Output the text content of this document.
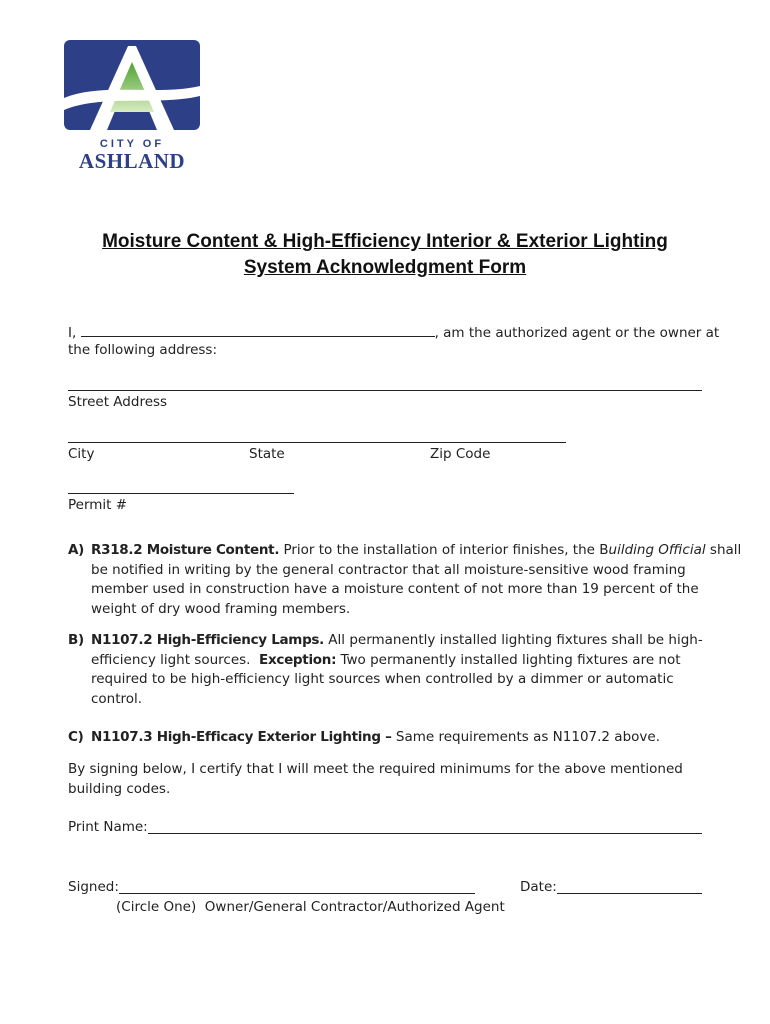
CITY OF
ASHLAND
Moisture Content & High-Efficiency Interior & Exterior Lighting
System Acknowledgment Form
I,	, am the authorized agent or the owner at
the following address:
Street Address
City	State	Zip Code
Permit #
A) R318.2 Moisture Content. Prior to the installation of interior finishes, the Building Official shall
be notified in writing by the general contractor that all moisture-sensitive wood framing
member used in construction have a moisture content of not more than 19 percent of the
weight of dry wood framing members.
B) N1107.2 High-Efficiency Lamps. All permanently installed lighting fixtures shall be high-
efficiency light sources.  Exception: Two permanently installed lighting fixtures are not
required to be high-efficiency light sources when controlled by a dimmer or automatic
control.
C) N1107.3 High-Efficacy Exterior Lighting – Same requirements as N1107.2 above.
By signing below, I certify that I will meet the required minimums for the above mentioned
building codes.
Print Name:
Signed:	Date:
(Circle One)  Owner/General Contractor/Authorized Agent
